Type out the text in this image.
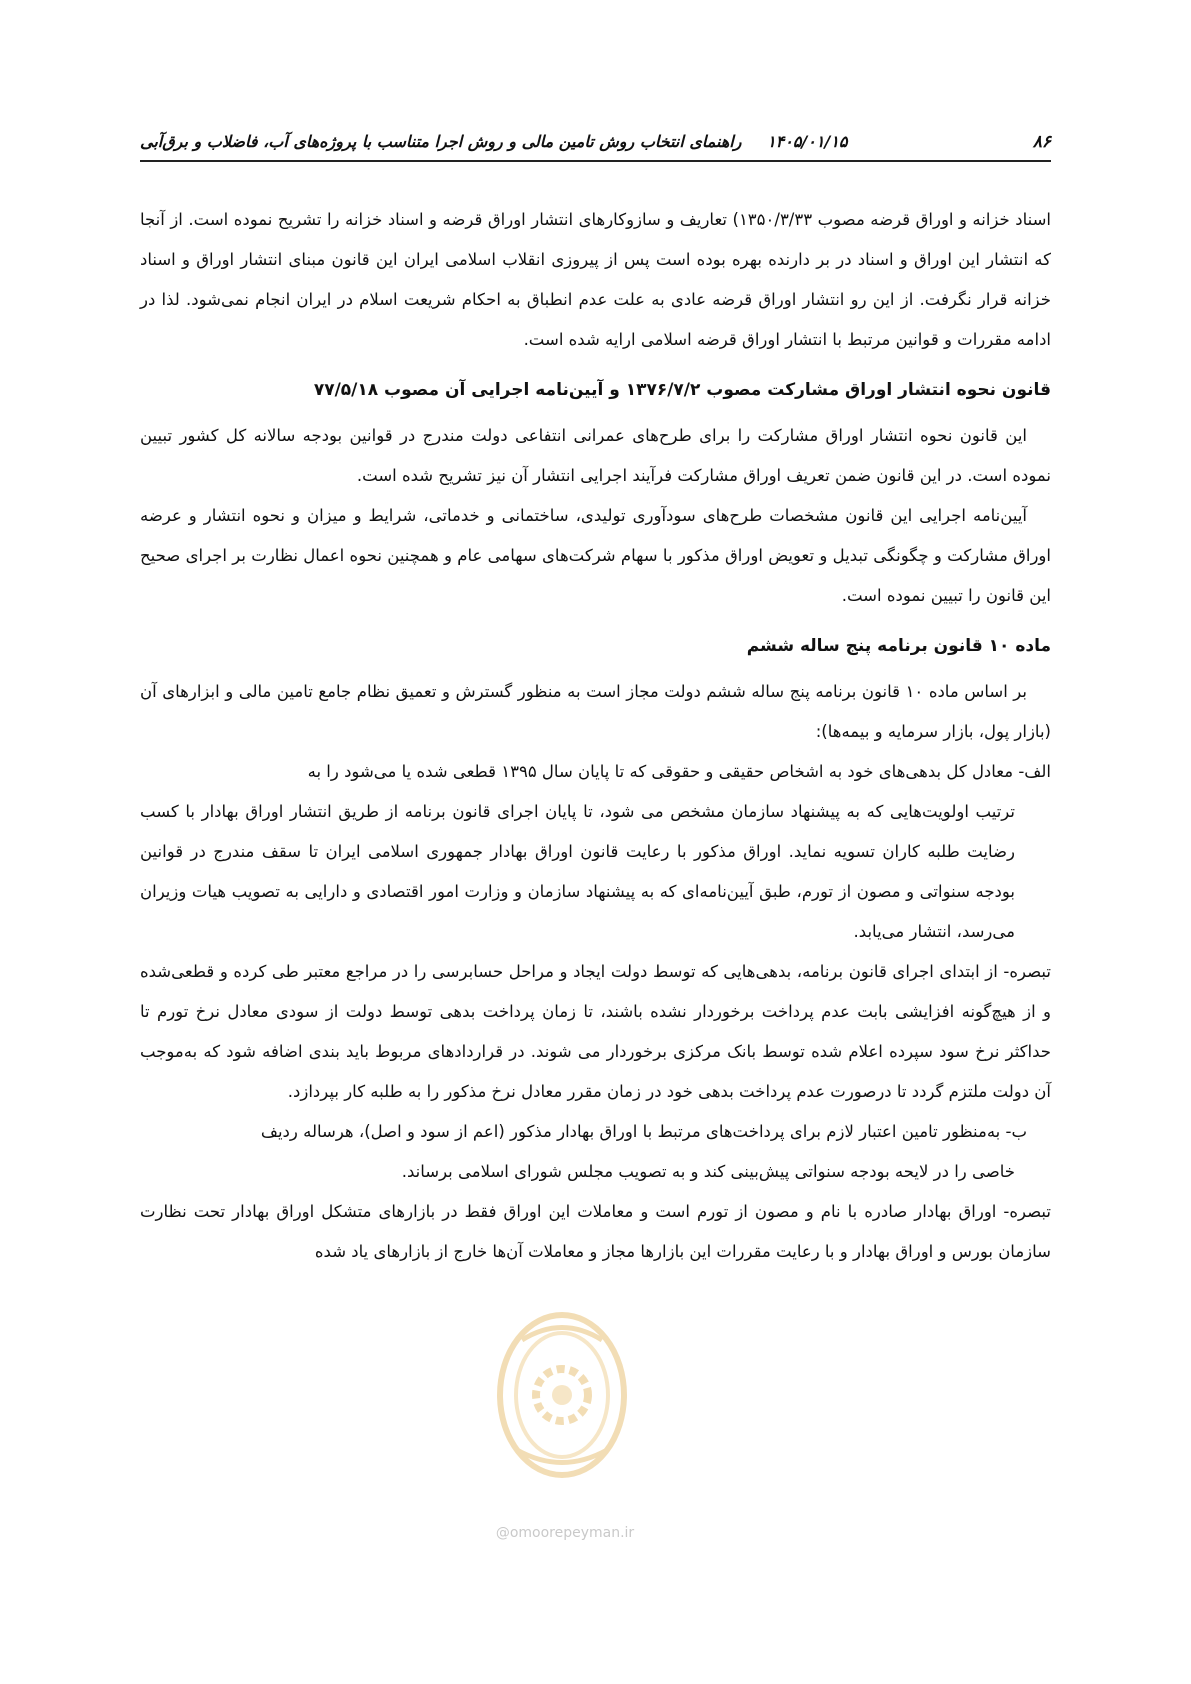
۸۶
۱۴۰۵/۰۱/۱۵ راهنمای انتخاب روش تامین مالی و روش اجرا متناسب با پروژه‌های آب، فاضلاب و برق‌آبی

اسناد خزانه و اوراق قرضه مصوب ۱۳۵۰/۳/۳۳) تعاریف و سازوکارهای انتشار اوراق قرضه و اسناد خزانه را تشریح نموده است. از آنجا که انتشار این اوراق و اسناد در بر دارنده بهره بوده است پس از پیروزی انقلاب اسلامی ایران این قانون مبنای انتشار اوراق و اسناد خزانه قرار نگرفت. از این رو انتشار اوراق قرضه عادی به علت عدم انطباق به احکام شریعت اسلام در ایران انجام نمی‌شود. لذا در ادامه مقررات و قوانین مرتبط با انتشار اوراق قرضه اسلامی ارایه شده است.

قانون نحوه انتشار اوراق مشارکت مصوب ۱۳۷۶/۷/۲ و آیین‌نامه اجرایی آن مصوب ۷۷/۵/۱۸

این قانون نحوه انتشار اوراق مشارکت را برای طرح‌های عمرانی انتفاعی دولت مندرج در قوانین بودجه سالانه کل کشور تبیین نموده است. در این قانون ضمن تعریف اوراق مشارکت فرآیند اجرایی انتشار آن نیز تشریح شده است.

آیین‌نامه اجرایی این قانون مشخصات طرح‌های سودآوری تولیدی، ساختمانی و خدماتی، شرایط و میزان و نحوه انتشار و عرضه اوراق مشارکت و چگونگی تبدیل و تعویض اوراق مذکور با سهام شرکت‌های سهامی عام و همچنین نحوه اعمال نظارت بر اجرای صحیح این قانون را تبیین نموده است.

ماده ۱۰ قانون برنامه پنج ساله ششم

بر اساس ماده ۱۰ قانون برنامه پنج ساله ششم دولت مجاز است به منظور گسترش و تعمیق نظام جامع تامین مالی و ابزارهای آن (بازار پول، بازار سرمایه و بیمه‌ها):

الف- معادل کل بدهی‌های خود به اشخاص حقیقی و حقوقی که تا پایان سال ۱۳۹۵ قطعی شده یا می‌شود را به

ترتیب اولویت‌هایی که به پیشنهاد سازمان مشخص می شود، تا پایان اجرای قانون برنامه از طریق انتشار اوراق بهادار با کسب رضایت طلبه کاران تسویه نماید. اوراق مذکور با رعایت قانون اوراق بهادار جمهوری اسلامی ایران تا سقف مندرج در قوانین بودجه سنواتی و مصون از تورم، طبق آیین‌نامه‌ای که به پیشنهاد سازمان و وزارت امور اقتصادی و دارایی به تصویب هیات وزیران می‌رسد، انتشار می‌یابد.

تبصره- از ابتدای اجرای قانون برنامه، بدهی‌هایی که توسط دولت ایجاد و مراحل حسابرسی را در مراجع معتبر طی کرده و قطعی‌شده و از هیچ‌گونه افزایشی بابت عدم پرداخت برخوردار نشده باشند، تا زمان پرداخت بدهی توسط دولت از سودی معادل نرخ تورم تا حداکثر نرخ سود سپرده اعلام شده توسط بانک مرکزی برخوردار می شوند. در قراردادهای مربوط باید بندی اضافه شود که به‌موجب آن دولت ملتزم گردد تا درصورت عدم پرداخت بدهی خود در زمان مقرر معادل نرخ مذکور را به طلبه کار بپردازد.

ب- به‌منظور تامین اعتبار لازم برای پرداخت‌های مرتبط با اوراق بهادار مذکور (اعم از سود و اصل)، هرساله ردیف

خاصی را در لایحه بودجه سنواتی پیش‌بینی کند و به تصویب مجلس شورای اسلامی برساند.

تبصره- اوراق بهادار صادره با نام و مصون از تورم است و معاملات این اوراق فقط در بازارهای متشکل اوراق بهادار تحت نظارت سازمان بورس و اوراق بهادار و با رعایت مقررات این بازارها مجاز و معاملات آن‌ها خارج از بازارهای یاد شده

@omoorepeyman.ir
